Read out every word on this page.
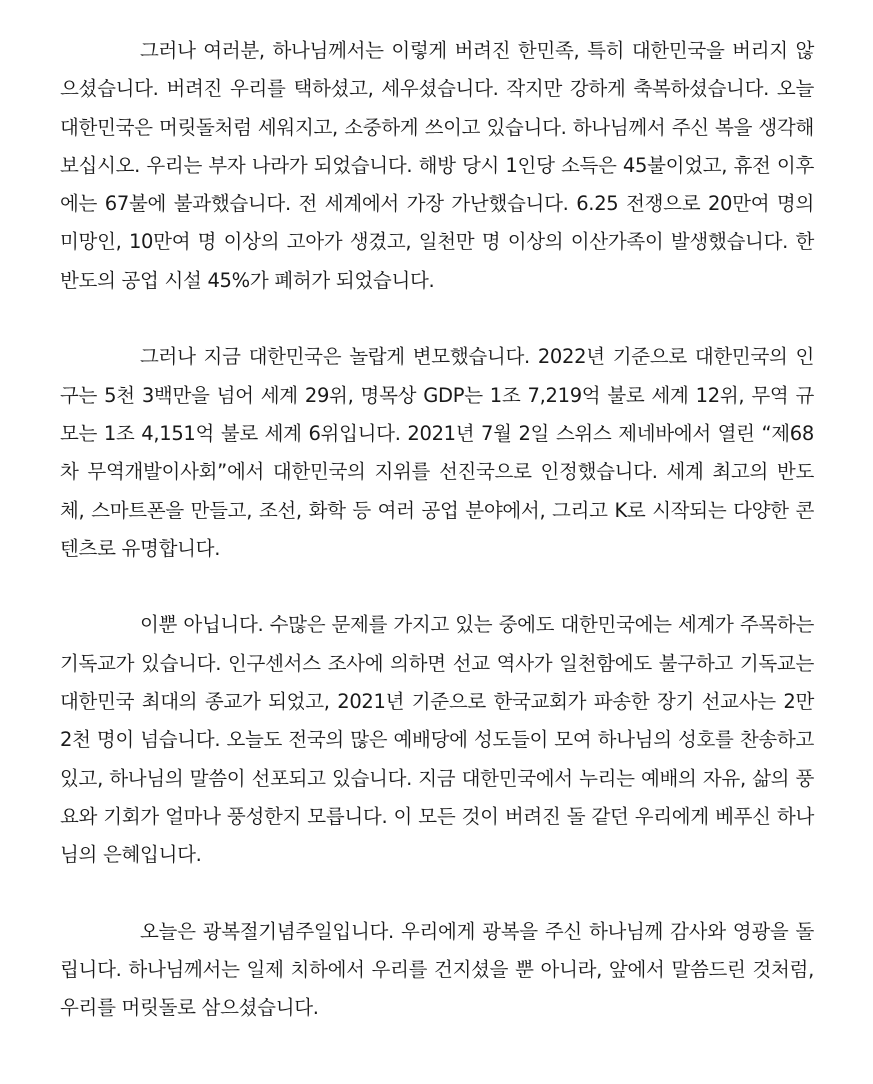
그러나 여러분, 하나님께서는 이렇게 버려진 한민족, 특히 대한민국을 버리지 않으셨습니다. 버려진 우리를 택하셨고, 세우셨습니다. 작지만 강하게 축복하셨습니다. 오늘 대한민국은 머릿돌처럼 세워지고, 소중하게 쓰이고 있습니다. 하나님께서 주신 복을 생각해 보십시오. 우리는 부자 나라가 되었습니다. 해방 당시 1인당 소득은 45불이었고, 휴전 이후에는 67불에 불과했습니다. 전 세계에서 가장 가난했습니다. 6.25 전쟁으로 20만여 명의 미망인, 10만여 명 이상의 고아가 생겼고, 일천만 명 이상의 이산가족이 발생했습니다. 한반도의 공업 시설 45%가 폐허가 되었습니다.

그러나 지금 대한민국은 놀랍게 변모했습니다. 2022년 기준으로 대한민국의 인구는 5천 3백만을 넘어 세계 29위, 명목상 GDP는 1조 7,219억 불로 세계 12위, 무역 규모는 1조 4,151억 불로 세계 6위입니다. 2021년 7월 2일 스위스 제네바에서 열린 “제68차 무역개발이사회”에서 대한민국의 지위를 선진국으로 인정했습니다. 세계 최고의 반도체, 스마트폰을 만들고, 조선, 화학 등 여러 공업 분야에서, 그리고 K로 시작되는 다양한 콘텐츠로 유명합니다.

이뿐 아닙니다. 수많은 문제를 가지고 있는 중에도 대한민국에는 세계가 주목하는 기독교가 있습니다. 인구센서스 조사에 의하면 선교 역사가 일천함에도 불구하고 기독교는 대한민국 최대의 종교가 되었고, 2021년 기준으로 한국교회가 파송한 장기 선교사는 2만 2천 명이 넘습니다. 오늘도 전국의 많은 예배당에 성도들이 모여 하나님의 성호를 찬송하고 있고, 하나님의 말씀이 선포되고 있습니다. 지금 대한민국에서 누리는 예배의 자유, 삶의 풍요와 기회가 얼마나 풍성한지 모릅니다. 이 모든 것이 버려진 돌 같던 우리에게 베푸신 하나님의 은혜입니다.

오늘은 광복절기념주일입니다. 우리에게 광복을 주신 하나님께 감사와 영광을 돌립니다. 하나님께서는 일제 치하에서 우리를 건지셨을 뿐 아니라, 앞에서 말씀드린 것처럼, 우리를 머릿돌로 삼으셨습니다.
